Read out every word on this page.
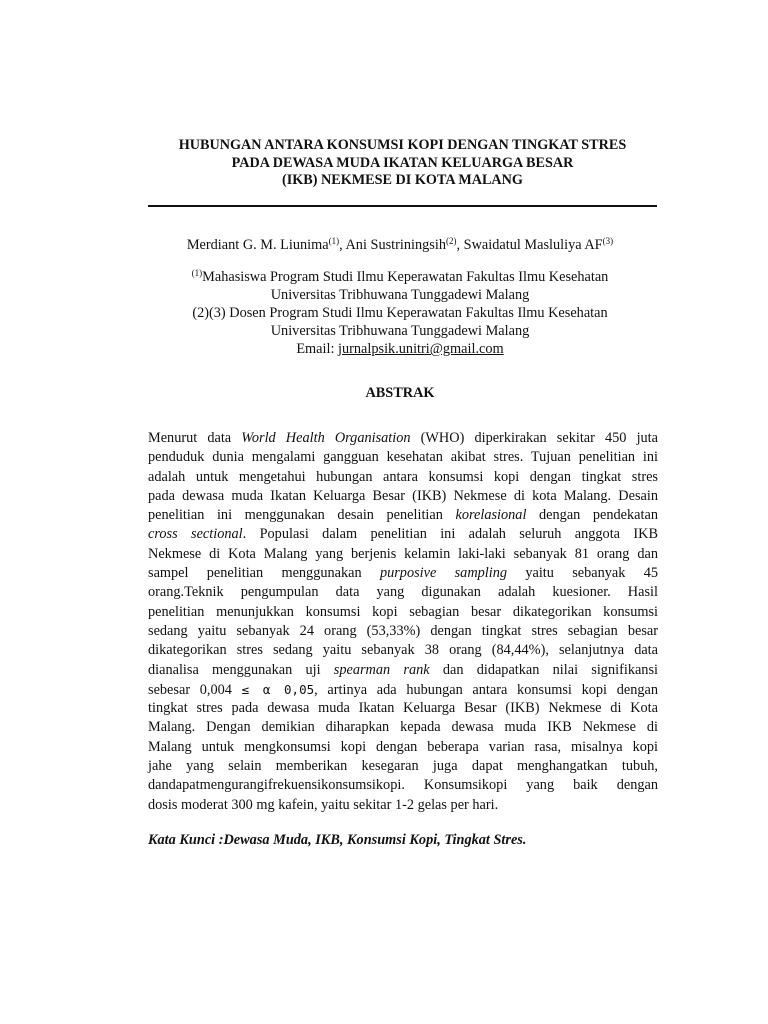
HUBUNGAN ANTARA KONSUMSI KOPI DENGAN TINGKAT STRES
PADA DEWASA MUDA IKATAN KELUARGA BESAR
(IKB) NEKMESE DI KOTA MALANG
Merdiant G. M. Liunima$^{(1)}$, Ani Sustriningsih$^{(2)}$, Swaidatul Masluliya AF$^{(3)}$
$^{(1)}$Mahasiswa Program Studi Ilmu Keperawatan Fakultas Ilmu Kesehatan
Universitas Tribhuwana Tunggadewi Malang
(2)(3) Dosen Program Studi Ilmu Keperawatan Fakultas Ilmu Kesehatan
Universitas Tribhuwana Tunggadewi Malang
Email: jurnalpsik.unitri@gmail.com
ABSTRAK
Menurut data World Health Organisation (WHO) diperkirakan sekitar 450 juta
penduduk dunia mengalami gangguan kesehatan akibat stres. Tujuan penelitian ini
adalah untuk mengetahui hubungan antara konsumsi kopi dengan tingkat stres
pada dewasa muda Ikatan Keluarga Besar (IKB) Nekmese di kota Malang. Desain
penelitian ini menggunakan desain penelitian korelasional dengan pendekatan
cross sectional. Populasi dalam penelitian ini adalah seluruh anggota IKB
Nekmese di Kota Malang yang berjenis kelamin laki-laki sebanyak 81 orang dan
sampel penelitian menggunakan purposive sampling yaitu sebanyak 45
orang.Teknik pengumpulan data yang digunakan adalah kuesioner. Hasil
penelitian menunjukkan konsumsi kopi sebagian besar dikategorikan konsumsi
sedang yaitu sebanyak 24 orang (53,33%) dengan tingkat stres sebagian besar
dikategorikan stres sedang yaitu sebanyak 38 orang (84,44%), selanjutnya data
dianalisa menggunakan uji spearman rank dan didapatkan nilai signifikansi
sebesar 0,004 ≤ α 0,05, artinya ada hubungan antara konsumsi kopi dengan
tingkat stres pada dewasa muda Ikatan Keluarga Besar (IKB) Nekmese di Kota
Malang. Dengan demikian diharapkan kepada dewasa muda IKB Nekmese di
Malang untuk mengkonsumsi kopi dengan beberapa varian rasa, misalnya kopi
jahe yang selain memberikan kesegaran juga dapat menghangatkan tubuh,
dandapatmengurangifrekuensikonsumsikopi. Konsumsikopi yang baik dengan
dosis moderat 300 mg kafein, yaitu sekitar 1-2 gelas per hari.

Kata Kunci :Dewasa Muda, IKB, Konsumsi Kopi, Tingkat Stres.
